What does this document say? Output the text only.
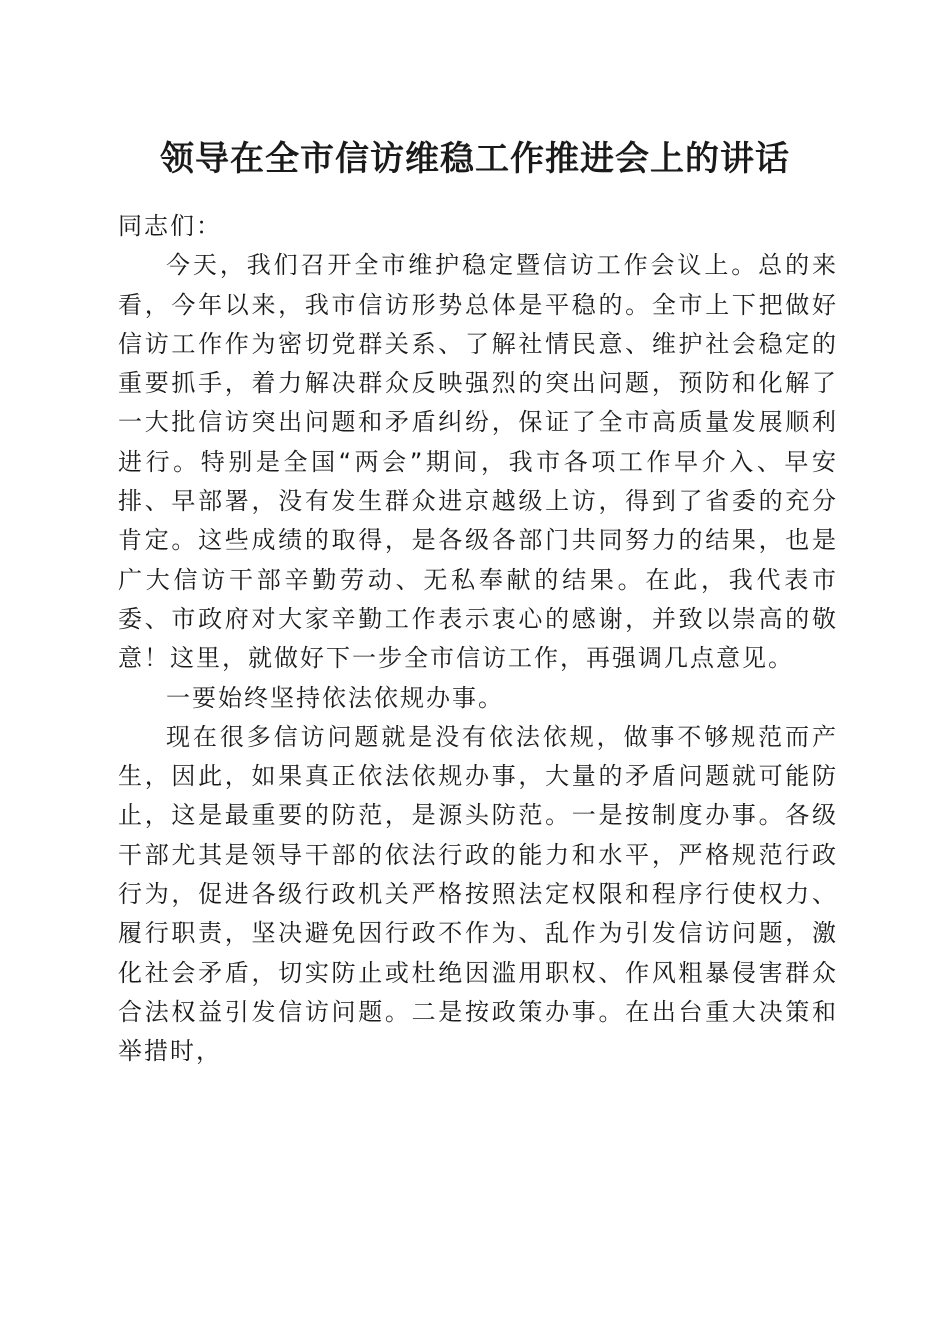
领导在全市信访维稳工作推进会上的讲话

同志们：

今天，我们召开全市维护稳定暨信访工作会议上。总的来看，今年以来，我市信访形势总体是平稳的。全市上下把做好信访工作作为密切党群关系、了解社情民意、维护社会稳定的重要抓手，着力解决群众反映强烈的突出问题，预防和化解了一大批信访突出问题和矛盾纠纷，保证了全市高质量发展顺利进行。特别是全国“两会”期间，我市各项工作早介入、早安排、早部署，没有发生群众进京越级上访，得到了省委的充分肯定。这些成绩的取得，是各级各部门共同努力的结果，也是广大信访干部辛勤劳动、无私奉献的结果。在此，我代表市委、市政府对大家辛勤工作表示衷心的感谢，并致以崇高的敬意！这里，就做好下一步全市信访工作，再强调几点意见。

一要始终坚持依法依规办事。

现在很多信访问题就是没有依法依规，做事不够规范而产生，因此，如果真正依法依规办事，大量的矛盾问题就可能防止，这是最重要的防范，是源头防范。一是按制度办事。各级干部尤其是领导干部的依法行政的能力和水平，严格规范行政行为，促进各级行政机关严格按照法定权限和程序行使权力、履行职责，坚决避免因行政不作为、乱作为引发信访问题，激化社会矛盾，切实防止或杜绝因滥用职权、作风粗暴侵害群众合法权益引发信访问题。二是按政策办事。在出台重大决策和举措时，
